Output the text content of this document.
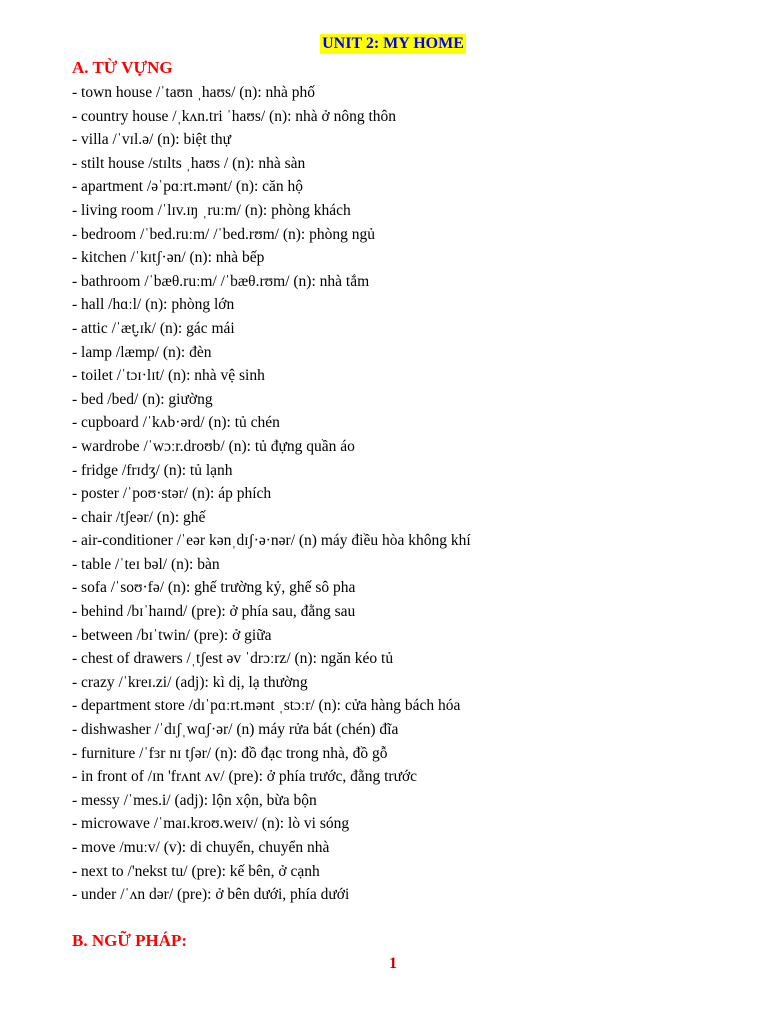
UNIT 2: MY HOME
A. TỪ VỰNG
- town house /ˈtaʊn ˌhaʊs/ (n): nhà phố
- country house /ˌkʌn.tri ˈhaʊs/ (n): nhà ở nông thôn
- villa /ˈvɪl.ə/ (n): biệt thự
- stilt house /stɪlts ˌhaʊs / (n): nhà sàn
- apartment /əˈpɑːrt.mənt/ (n): căn hộ
- living room /ˈlɪv.ɪŋ ˌruːm/ (n): phòng khách
- bedroom /ˈbed.ruːm/ /ˈbed.rʊm/ (n): phòng ngủ
- kitchen /ˈkɪtʃ·ən/ (n): nhà bếp
- bathroom /ˈbæθ.ruːm/ /ˈbæθ.rʊm/ (n): nhà tắm
- hall /hɑːl/ (n): phòng lớn
- attic /ˈæt̬.ɪk/ (n): gác mái
- lamp /læmp/ (n): đèn
- toilet /ˈtɔɪ·lɪt/ (n): nhà vệ sinh
- bed /bed/ (n): giường
- cupboard /ˈkʌb·ərd/ (n): tủ chén
- wardrobe /ˈwɔːr.droʊb/ (n): tủ đựng quần áo
- fridge /frɪdʒ/ (n): tủ lạnh
- poster /ˈpoʊ·stər/ (n): áp phích
- chair /tʃeər/ (n): ghế
- air-conditioner /ˈeər kənˌdɪʃ·ə·nər/ (n) máy điều hòa không khí
- table /ˈteɪ bəl/ (n): bàn
- sofa /ˈsoʊ·fə/ (n): ghế trường kỷ, ghế sô pha
- behind /bɪˈhaɪnd/ (pre): ở phía sau, đằng sau
- between /bɪˈtwin/ (pre): ở giữa
- chest of drawers /ˌtʃest əv ˈdrɔːrz/ (n): ngăn kéo tủ
- crazy /ˈkreɪ.zi/ (adj): kì dị, lạ thường
- department store /dɪˈpɑːrt.mənt ˌstɔːr/ (n): cửa hàng bách hóa
- dishwasher /ˈdɪʃˌwɑʃ·ər/ (n) máy rửa bát (chén) đĩa
- furniture /ˈfɜr nɪ tʃər/ (n): đồ đạc trong nhà, đồ gỗ
- in front of /ɪn 'frʌnt ʌv/ (pre): ở phía trước, đằng trước
- messy /ˈmes.i/ (adj): lộn xộn, bừa bộn
- microwave /ˈmaɪ.kroʊ.weɪv/ (n): lò vi sóng
- move /muːv/ (v): di chuyển, chuyển nhà
- next to /'nekst tu/ (pre): kế bên, ở cạnh
- under /ˈʌn dər/ (pre): ở bên dưới, phía dưới
B. NGỮ PHÁP:
1
